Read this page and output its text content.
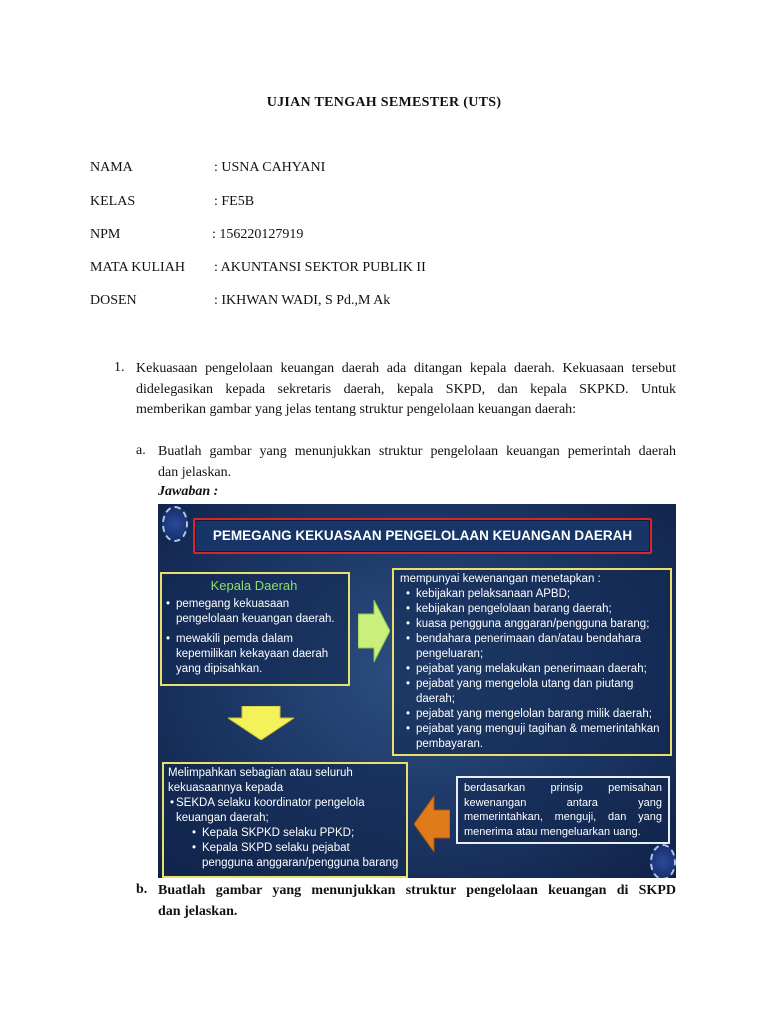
UJIAN TENGAH SEMESTER (UTS)
NAMA	: USNA CAHYANI
KELAS	: FE5B
NPM	: 156220127919
MATA KULIAH : AKUNTANSI SEKTOR PUBLIK II
DOSEN	: IKHWAN WADI, S Pd.,M Ak
1. Kekuasaan pengelolaan keuangan daerah ada ditangan kepala daerah. Kekuasaan tersebut
didelegasikan kepada sekretaris daerah, kepala SKPD, dan kepala SKPKD. Untuk
memberikan gambar yang jelas tentang struktur pengelolaan keuangan daerah:
a. Buatlah gambar yang menunjukkan struktur pengelolaan keuangan pemerintah daerah
dan jelaskan.
Jawaban :
PEMEGANG KEKUASAAN PENGELOLAAN KEUANGAN DAERAH
Kepala Daerah
• pemegang kekuasaan pengelolaan keuangan daerah.
• mewakili pemda dalam kepemilikan kekayaan daerah yang dipisahkan.
mempunyai kewenangan menetapkan :
• kebijakan pelaksanaan APBD;
• kebijakan pengelolaan barang daerah;
• kuasa pengguna anggaran/pengguna barang;
• bendahara penerimaan dan/atau bendahara pengeluaran;
• pejabat yang melakukan penerimaan daerah;
• pejabat yang mengelola utang dan piutang daerah;
• pejabat yang mengelolan barang milik daerah;
• pejabat yang menguji tagihan & memerintahkan pembayaran.
Melimpahkan sebagian atau seluruh kekuasaannya kepada
• SEKDA selaku koordinator pengelola keuangan daerah;
• Kepala SKPKD selaku PPKD;
• Kepala SKPD selaku pejabat pengguna anggaran/pengguna barang
berdasarkan prinsip pemisahan kewenangan antara yang memerintahkan, menguji, dan yang menerima atau mengeluarkan uang.
b. Buatlah gambar yang menunjukkan struktur pengelolaan keuangan di SKPD
dan jelaskan.
